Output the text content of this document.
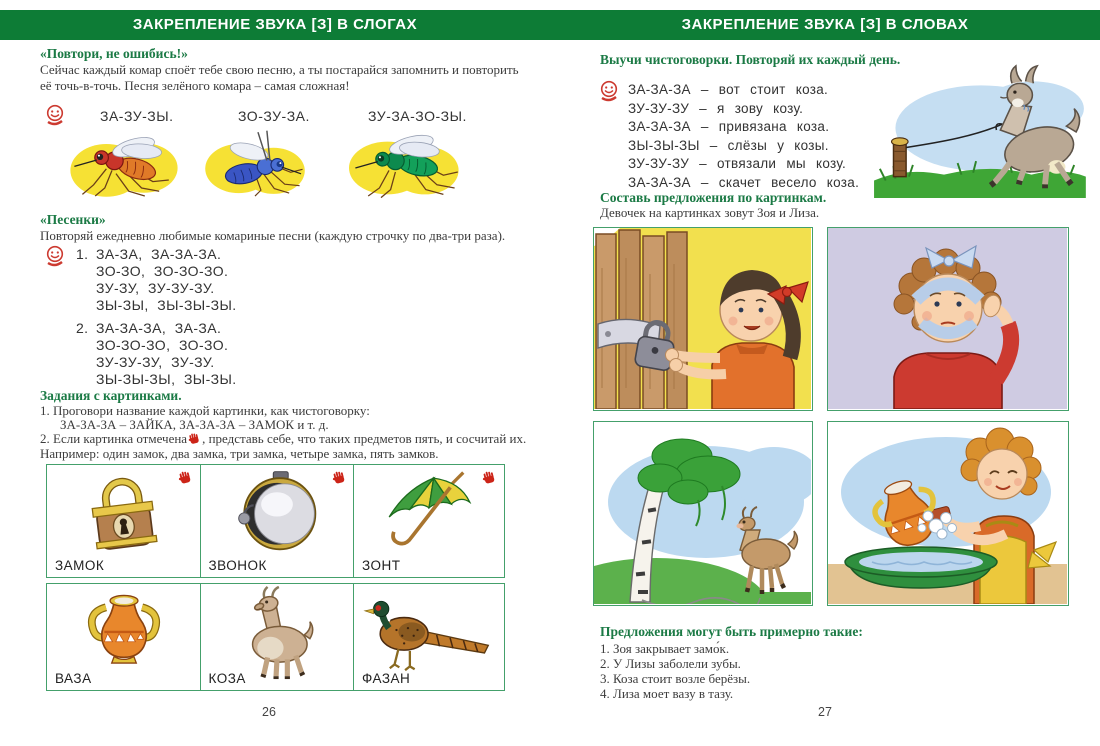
ЗАКРЕПЛЕНИЕ ЗВУКА [З] В СЛОГАХ	ЗАКРЕПЛЕНИЕ ЗВУКА [З] В СЛОВАХ
«Повтори, не ошибись!»
Сейчас каждый комар споёт тебе свою песню, а ты постарайся запомнить и повторить её точь-в-точь. Песня зелёного комара – самая сложная!
ЗА-ЗУ-ЗЫ.	ЗО-ЗУ-ЗА.	ЗУ-ЗА-ЗО-ЗЫ.
«Песенки»
Повторяй ежедневно любимые комариные песни (каждую строчку по два-три раза).
1. ЗА-ЗА,  ЗА-ЗА-ЗА.
ЗО-ЗО,  ЗО-ЗО-ЗО.
ЗУ-ЗУ,  ЗУ-ЗУ-ЗУ.
ЗЫ-ЗЫ,  ЗЫ-ЗЫ-ЗЫ.
2. ЗА-ЗА-ЗА,  ЗА-ЗА.
ЗО-ЗО-ЗО,  ЗО-ЗО.
ЗУ-ЗУ-ЗУ,  ЗУ-ЗУ.
ЗЫ-ЗЫ-ЗЫ,  ЗЫ-ЗЫ.
Задания с картинками.
1. Проговори название каждой картинки, как чистоговорку:
ЗА-ЗА-ЗА – ЗАЙКА, ЗА-ЗА-ЗА – ЗАМОК и т. д.
2. Если картинка отмечена , представь себе, что таких предметов пять, и сосчитай их.
Например: один замок, два замка, три замка, четыре замка, пять замков.
ЗАМОК	ЗВОНОК	ЗОНТ
ВАЗА	КОЗА	ФАЗАН
26
Выучи чистоговорки. Повторяй их каждый день.
ЗА-ЗА-ЗА – вот стоит коза.
ЗУ-ЗУ-ЗУ – я зову козу.
ЗА-ЗА-ЗА – привязана коза.
ЗЫ-ЗЫ-ЗЫ – слёзы у козы.
ЗУ-ЗУ-ЗУ – отвязали мы козу.
ЗА-ЗА-ЗА – скачет весело коза.
Составь предложения по картинкам.
Девочек на картинках зовут Зоя и Лиза.
Предложения могут быть примерно такие:
1. Зоя закрывает замо́к.
2. У Лизы заболели зубы.
3. Коза стоит возле берёзы.
4. Лиза моет вазу в тазу.
27
